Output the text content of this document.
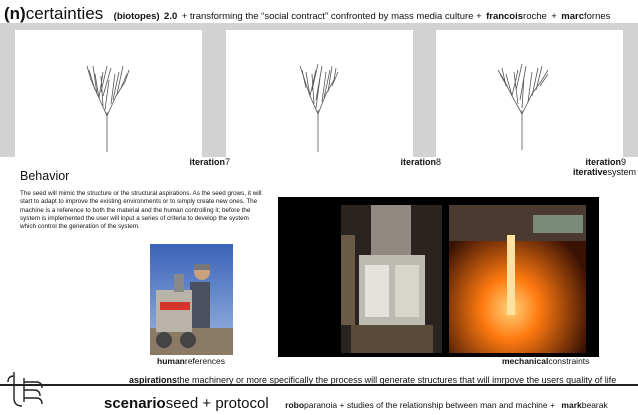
(n)certainties (biotopes) 2.0 + transforming the “social contract” confronted by mass media culture + francoisroche + marcfornes
iteration7	iteration8	iteration9
iterativesystem
Behavior
The seed will mimic the structure or the structural aspirations. As the seed grows, it will start to adapt to improve the existing environments or to simply create new ones. The machine is a reference to both the material and the human controlling it; before the system is implemented the user will input a series of criteria to develop the system which control the generation of the system.
humanreferences	mechanicalconstraints
aspirationsthe machinery or more specifically the process will generate structures that will imrpove the users quality of life
scenarioseed + protocol roboparanoia + studies of the relationship between man and machine + markbearak
